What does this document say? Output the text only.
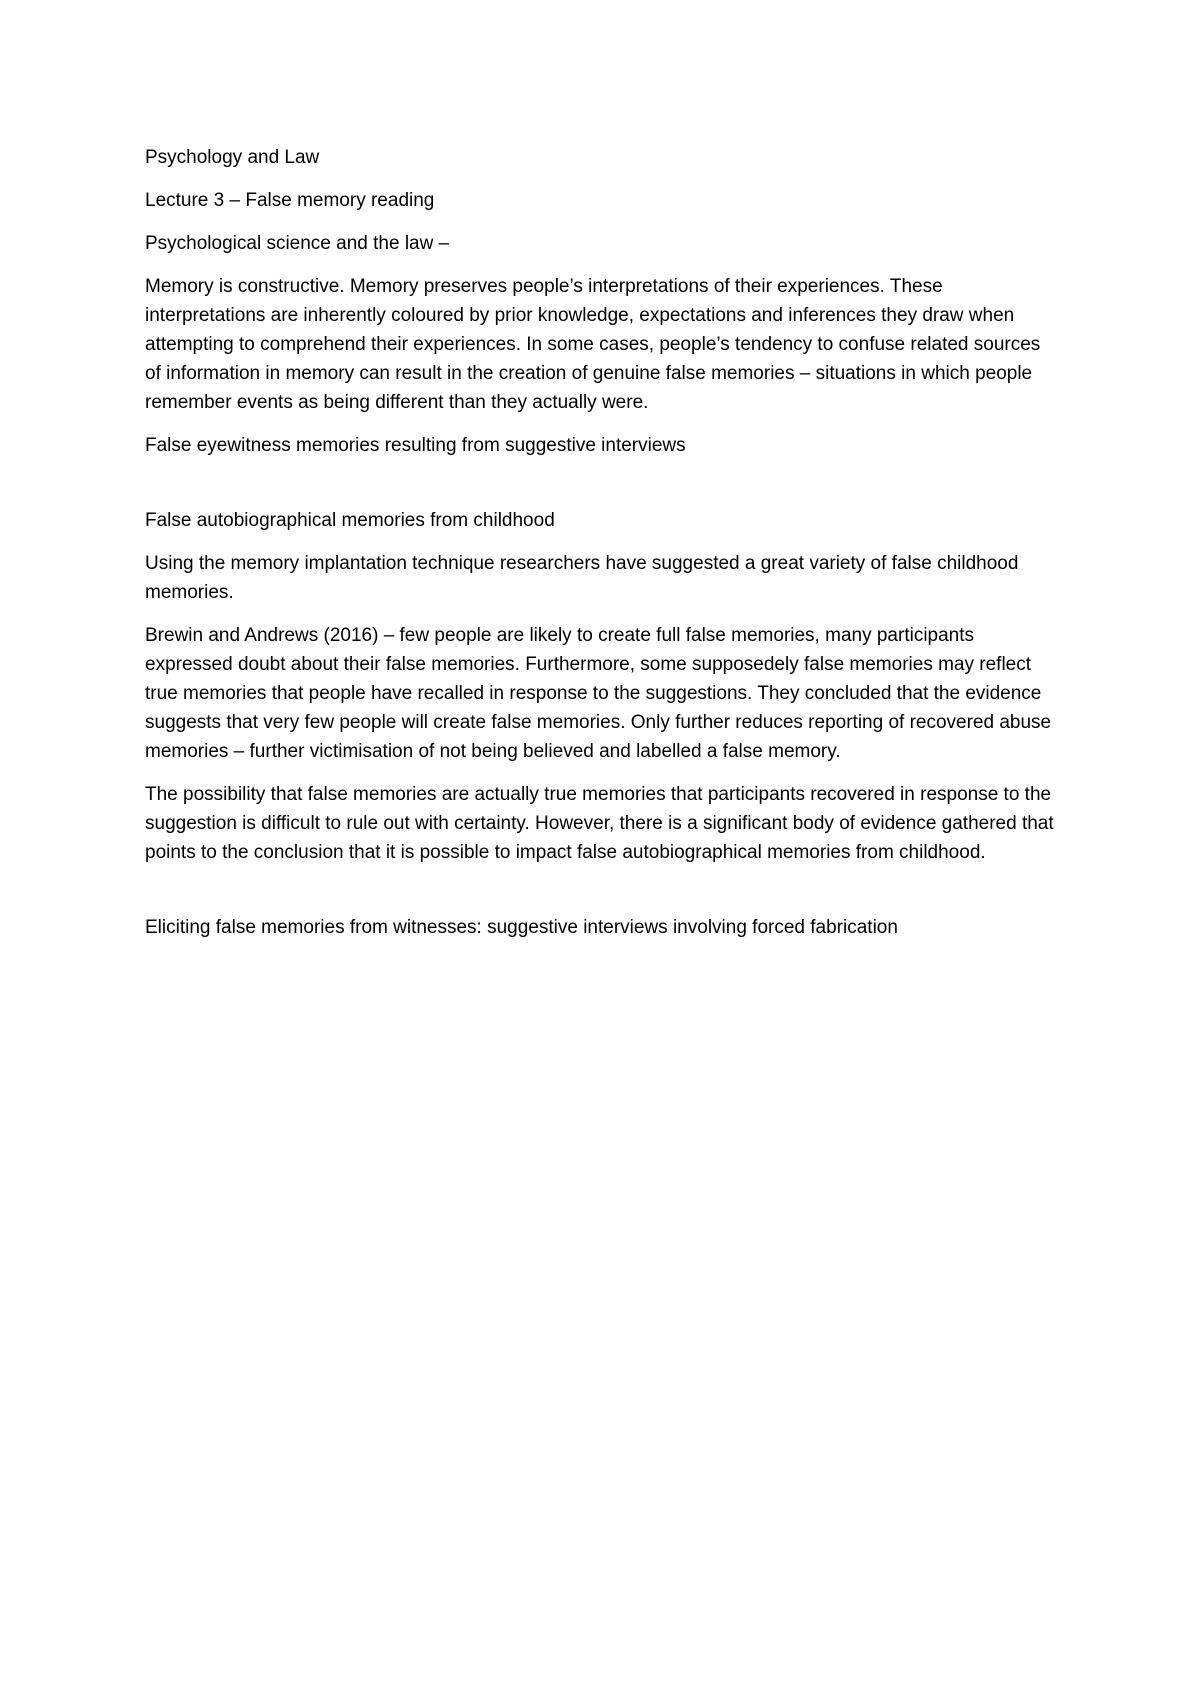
Psychology and Law

Lecture 3 – False memory reading

Psychological science and the law –

Memory is constructive. Memory preserves people’s interpretations of their experiences. These interpretations are inherently coloured by prior knowledge, expectations and inferences they draw when attempting to comprehend their experiences. In some cases, people’s tendency to confuse related sources of information in memory can result in the creation of genuine false memories – situations in which people remember events as being different than they actually were.

False eyewitness memories resulting from suggestive interviews

False autobiographical memories from childhood

Using the memory implantation technique researchers have suggested a great variety of false childhood memories.

Brewin and Andrews (2016) – few people are likely to create full false memories, many participants expressed doubt about their false memories. Furthermore, some supposedely false memories may reflect true memories that people have recalled in response to the suggestions. They concluded that the evidence suggests that very few people will create false memories. Only further reduces reporting of recovered abuse memories – further victimisation of not being believed and labelled a false memory.

The possibility that false memories are actually true memories that participants recovered in response to the suggestion is difficult to rule out with certainty. However, there is a significant body of evidence gathered that points to the conclusion that it is possible to impact false autobiographical memories from childhood.

Eliciting false memories from witnesses: suggestive interviews involving forced fabrication
